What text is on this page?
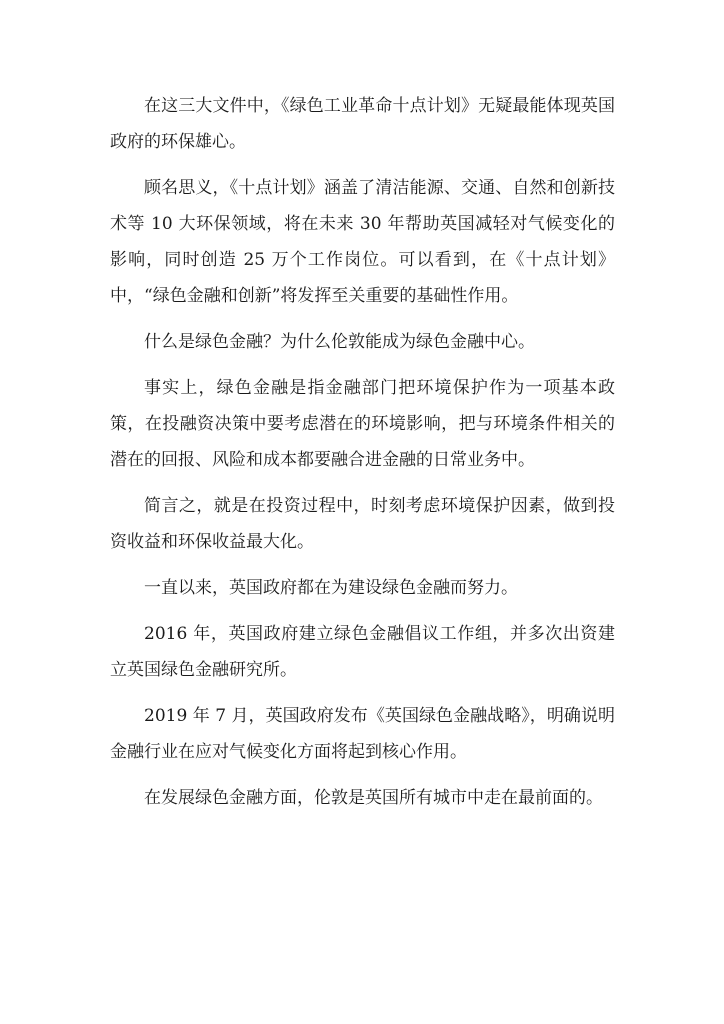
在这三大文件中，《绿色工业革命十点计划》无疑最能体现英国政府的环保雄心。

顾名思义，《十点计划》涵盖了清洁能源、交通、自然和创新技术等 10 大环保领域，将在未来 30 年帮助英国减轻对气候变化的影响，同时创造 25 万个工作岗位。可以看到，在《十点计划》中，“绿色金融和创新”将发挥至关重要的基础性作用。

什么是绿色金融？为什么伦敦能成为绿色金融中心。

事实上，绿色金融是指金融部门把环境保护作为一项基本政策，在投融资决策中要考虑潜在的环境影响，把与环境条件相关的潜在的回报、风险和成本都要融合进金融的日常业务中。

简言之，就是在投资过程中，时刻考虑环境保护因素，做到投资收益和环保收益最大化。

一直以来，英国政府都在为建设绿色金融而努力。

2016 年，英国政府建立绿色金融倡议工作组，并多次出资建立英国绿色金融研究所。

2019 年 7 月，英国政府发布《英国绿色金融战略》，明确说明金融行业在应对气候变化方面将起到核心作用。

在发展绿色金融方面，伦敦是英国所有城市中走在最前面的。
